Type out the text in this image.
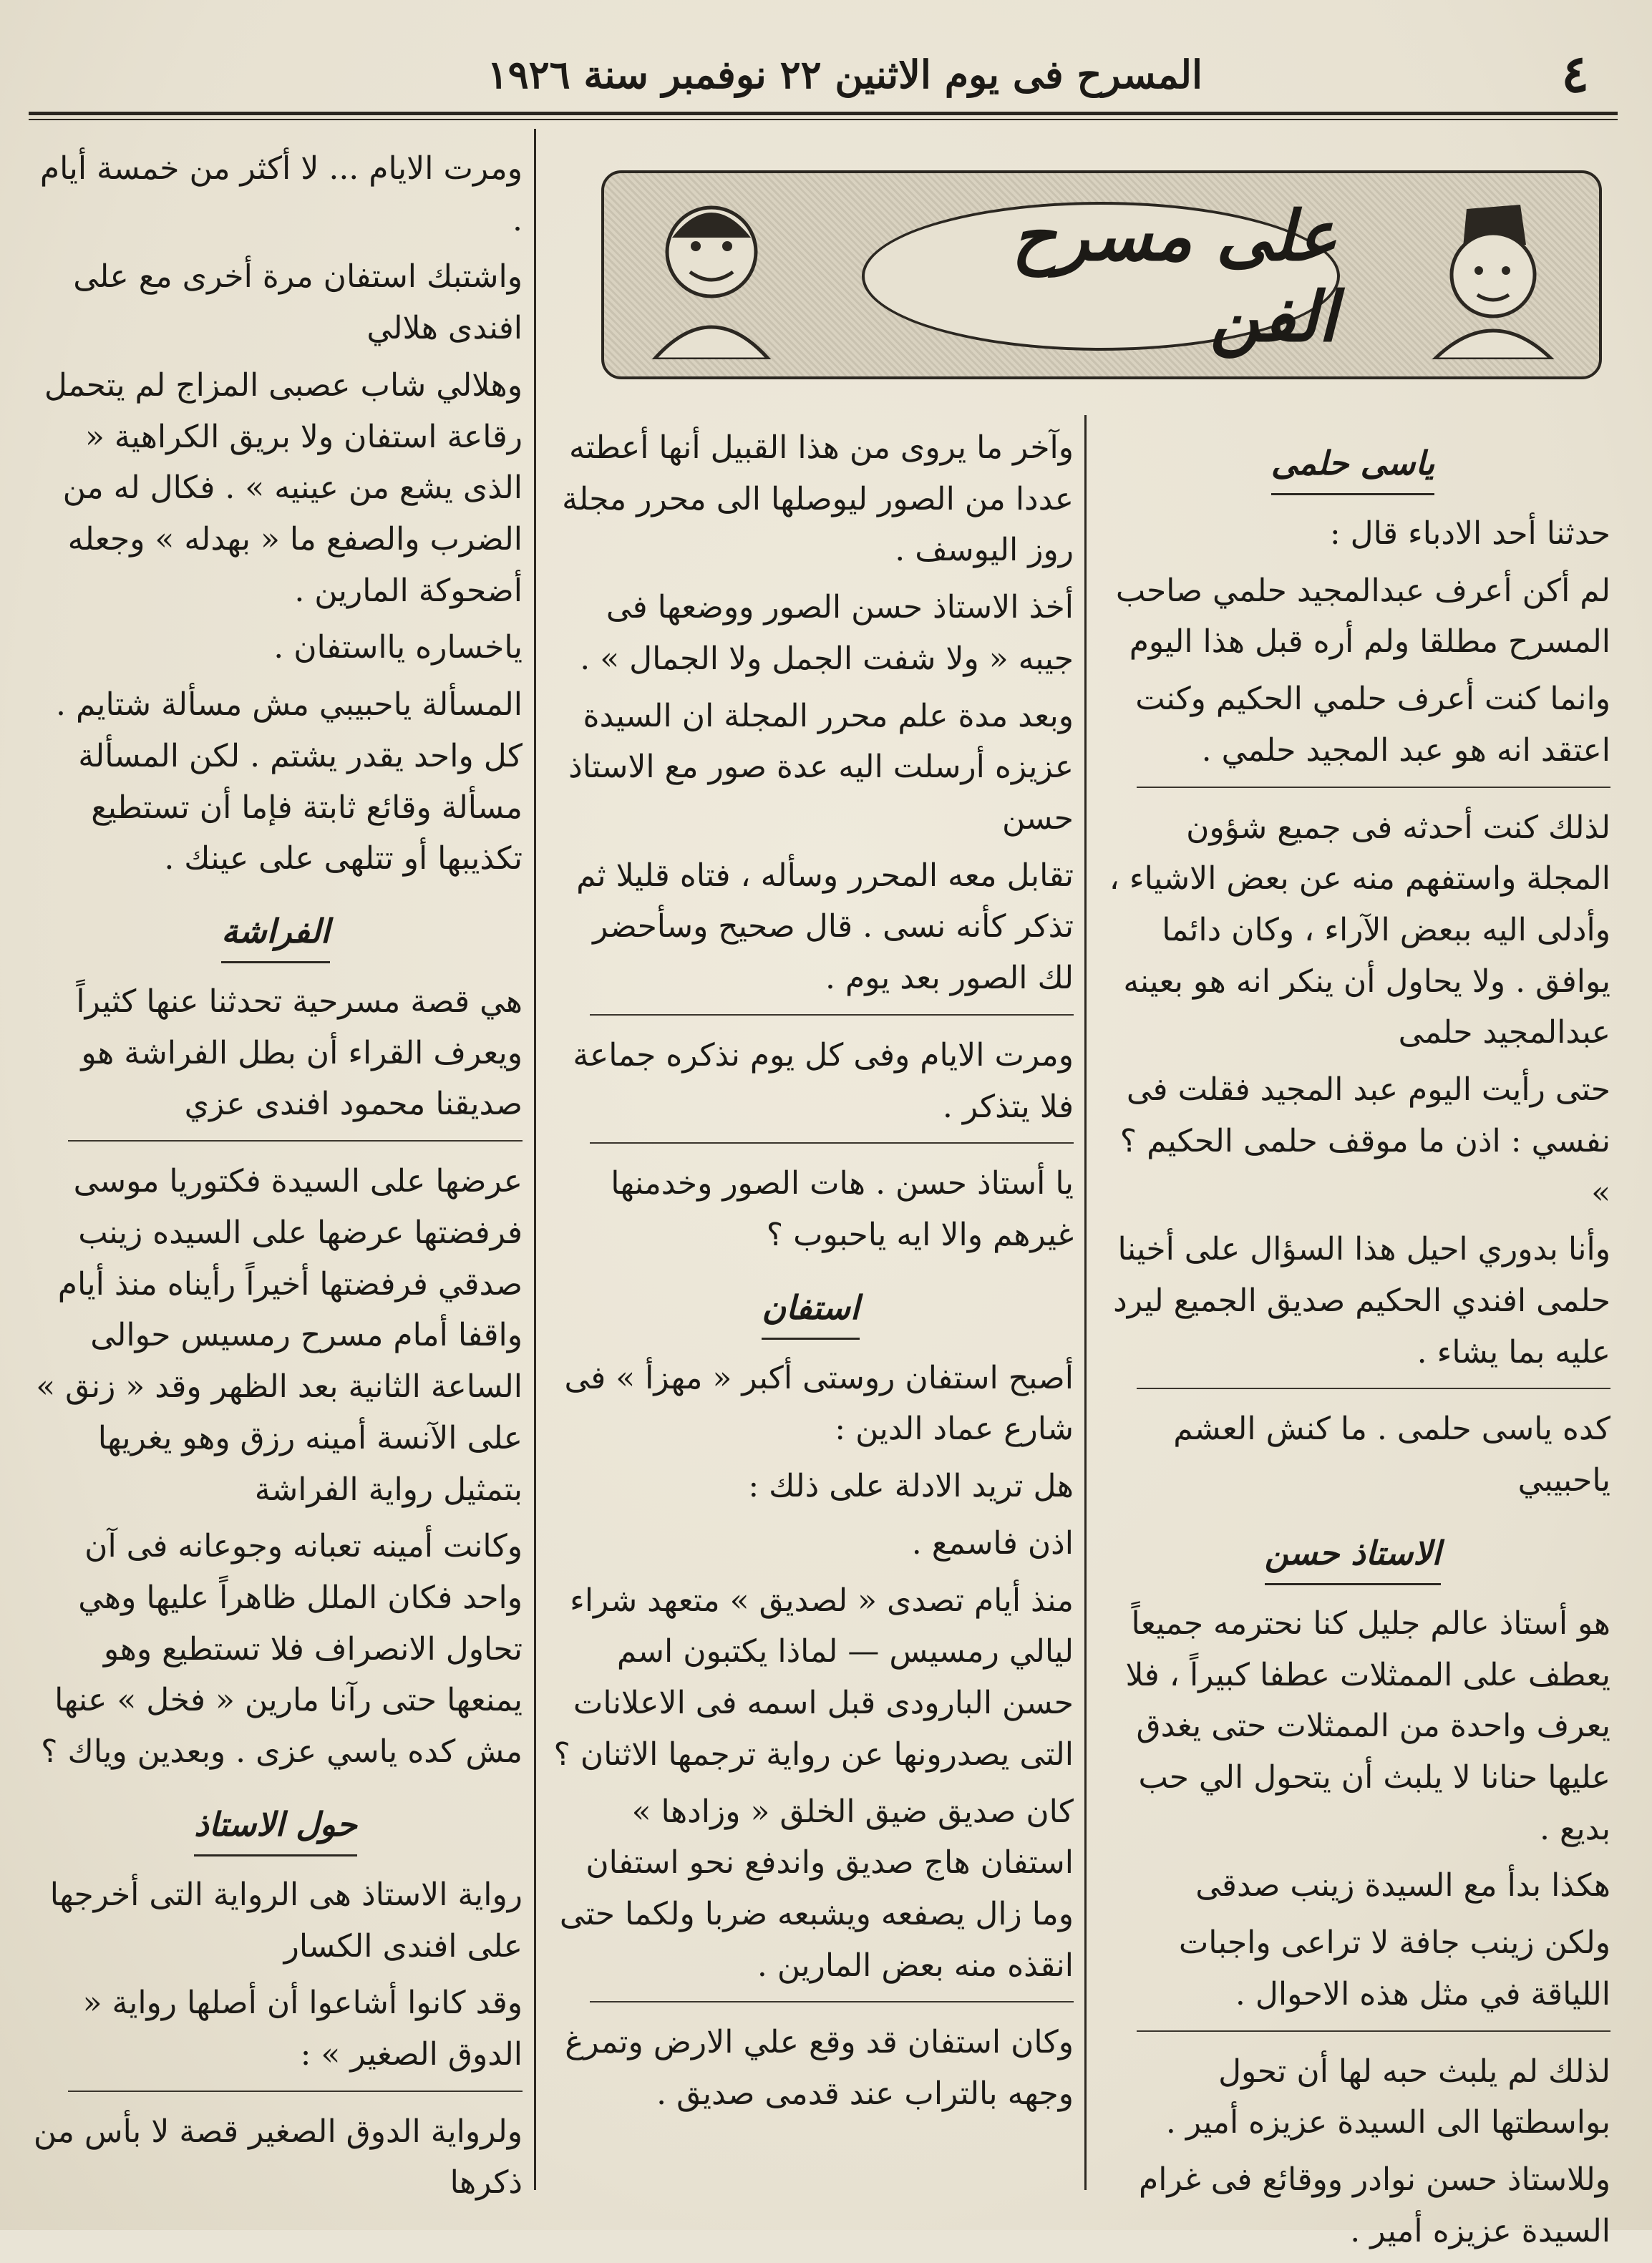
٤
المسرح فى يوم الاثنين ٢٢ نوفمبر سنة ١٩٢٦
على مسرح الفن

ياسى حلمى

حدثنا أحد الادباء قال :

لم أكن أعرف عبدالمجيد حلمي صاحب المسرح مطلقا ولم أره قبل هذا اليوم

وانما كنت أعرف حلمي الحكيم وكنت اعتقد انه هو عبد المجيد حلمي .

لذلك كنت أحدثه فى جميع شؤون المجلة واستفهم منه عن بعض الاشياء ، وأدلى اليه ببعض الآراء ، وكان دائما يوافق . ولا يحاول أن ينكر انه هو بعينه عبدالمجيد حلمى

حتى رأيت اليوم عبد المجيد فقلت فى نفسي : اذن ما موقف حلمى الحكيم ؟ »

وأنا بدوري احيل هذا السؤال على أخينا حلمى افندي الحكيم صديق الجميع ليرد عليه بما يشاء .

كده ياسى حلمى . ما كنش العشم ياحبيبي

الاستاذ حسن

هو أستاذ عالم جليل كنا نحترمه جميعاً يعطف على الممثلات عطفا كبيراً ، فلا يعرف واحدة من الممثلات حتى يغدق عليها حنانا لا يلبث أن يتحول الي حب بديع .

هكذا بدأ مع السيدة زينب صدقى

ولكن زينب جافة لا تراعى واجبات اللياقة في مثل هذه الاحوال .

لذلك لم يلبث حبه لها أن تحول بواسطتها الى السيدة عزيزه أمير .

وللاستاذ حسن نوادر ووقائع فى غرام السيدة عزيزه أمير .

وآخر ما يروى من هذا القبيل أنها أعطته عددا من الصور ليوصلها الى محرر مجلة روز اليوسف .

أخذ الاستاذ حسن الصور ووضعها فى جيبه « ولا شفت الجمل ولا الجمال » .

وبعد مدة علم محرر المجلة ان السيدة عزيزه أرسلت اليه عدة صور مع الاستاذ حسن

تقابل معه المحرر وسأله ، فتاه قليلا ثم تذكر كأنه نسى . قال صحيح وسأحضر لك الصور بعد يوم .

ومرت الايام وفى كل يوم نذكره جماعة فلا يتذكر .

يا أستاذ حسن . هات الصور وخدمنها غيرهم والا ايه ياحبوب ؟

استفان

أصبح استفان روستى أكبر « مهزأ » فى شارع عماد الدين :

هل تريد الادلة على ذلك :

اذن فاسمع .

منذ أيام تصدى « لصديق » متعهد شراء ليالي رمسيس — لماذا يكتبون اسم حسن البارودى قبل اسمه فى الاعلانات التى يصدرونها عن رواية ترجمها الاثنان ؟

كان صديق ضيق الخلق « وزادها » استفان هاج صديق واندفع نحو استفان وما زال يصفعه ويشبعه ضربا ولكما حتى انقذه منه بعض المارين .

وكان استفان قد وقع علي الارض وتمرغ وجهه بالتراب عند قدمى صديق .

ومرت الايام ... لا أكثر من خمسة أيام .

واشتبك استفان مرة أخرى مع على افندى هلالي

وهلالي شاب عصبى المزاج لم يتحمل رقاعة استفان ولا بريق الكراهية « الذى يشع من عينيه » . فكال له من الضرب والصفع ما « بهدله » وجعله أضحوكة المارين .

ياخساره يااستفان .

المسألة ياحبيبي مش مسألة شتايم . كل واحد يقدر يشتم . لكن المسألة مسألة وقائع ثابتة فإما أن تستطيع تكذيبها أو تتلهى على عينك .

الفراشة

هي قصة مسرحية تحدثنا عنها كثيراً ويعرف القراء أن بطل الفراشة هو صديقنا محمود افندى عزي

عرضها على السيدة فكتوريا موسى فرفضتها عرضها على السيده زينب صدقي فرفضتها أخيراً رأيناه منذ أيام واقفا أمام مسرح رمسيس حوالى الساعة الثانية بعد الظهر وقد « زنق » على الآنسة أمينه رزق وهو يغريها بتمثيل رواية الفراشة

وكانت أمينه تعبانه وجوعانه فى آن واحد فكان الملل ظاهراً عليها وهي تحاول الانصراف فلا تستطيع وهو يمنعها حتى رآنا مارين « فخل » عنها مش كده ياسي عزى . وبعدين وياك ؟

حول الاستاذ

رواية الاستاذ هى الرواية التى أخرجها على افندى الكسار

وقد كانوا أشاعوا أن أصلها رواية « الدوق الصغير » :

ولرواية الدوق الصغير قصة لا بأس من ذكرها
